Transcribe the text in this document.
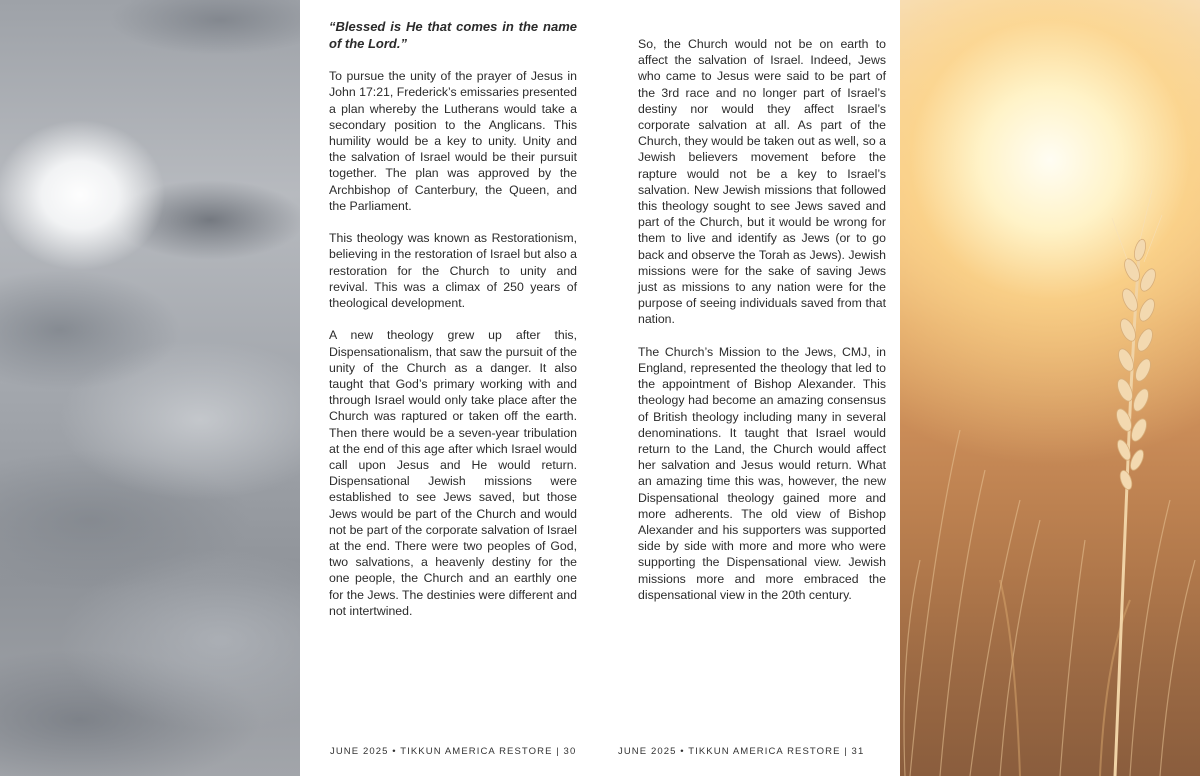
“Blessed is He that comes in the name of the Lord.”

To pursue the unity of the prayer of Jesus in John 17:21, Frederick’s emissaries presented a plan whereby the Lutherans would take a secondary position to the Anglicans. This humility would be a key to unity. Unity and the salvation of Israel would be their pursuit together. The plan was approved by the Archbishop of Canterbury, the Queen, and the Parliament.

This theology was known as Restorationism, believing in the restoration of Israel but also a restoration for the Church to unity and revival. This was a climax of 250 years of theological development.

A new theology grew up after this, Dispensationalism, that saw the pursuit of the unity of the Church as a danger. It also taught that God’s primary working with and through Israel would only take place after the Church was raptured or taken off the earth. Then there would be a seven-year tribulation at the end of this age after which Israel would call upon Jesus and He would return. Dispensational Jewish missions were established to see Jews saved, but those Jews would be part of the Church and would not be part of the corporate salvation of Israel at the end. There were two peoples of God, two salvations, a heavenly destiny for the one people, the Church and an earthly one for the Jews. The destinies were different and not intertwined.

So, the Church would not be on earth to affect the salvation of Israel. Indeed, Jews who came to Jesus were said to be part of the 3rd race and no longer part of Israel’s destiny nor would they affect Israel’s corporate salvation at all. As part of the Church, they would be taken out as well, so a Jewish believers movement before the rapture would not be a key to Israel’s salvation. New Jewish missions that followed this theology sought to see Jews saved and part of the Church, but it would be wrong for them to live and identify as Jews (or to go back and observe the Torah as Jews). Jewish missions were for the sake of saving Jews just as missions to any nation were for the purpose of seeing individuals saved from that nation.

The Church’s Mission to the Jews, CMJ, in England, represented the theology that led to the appointment of Bishop Alexander. This theology had become an amazing consensus of British theology including many in several denominations. It taught that Israel would return to the Land, the Church would affect her salvation and Jesus would return. What an amazing time this was, however, the new Dispensational theology gained more and more adherents. The old view of Bishop Alexander and his supporters was supported side by side with more and more who were supporting the Dispensational view. Jewish missions more and more embraced the dispensational view in the 20th century.

JUNE 2025 • TIKKUN AMERICA RESTORE | 30	JUNE 2025 • TIKKUN AMERICA RESTORE | 31
